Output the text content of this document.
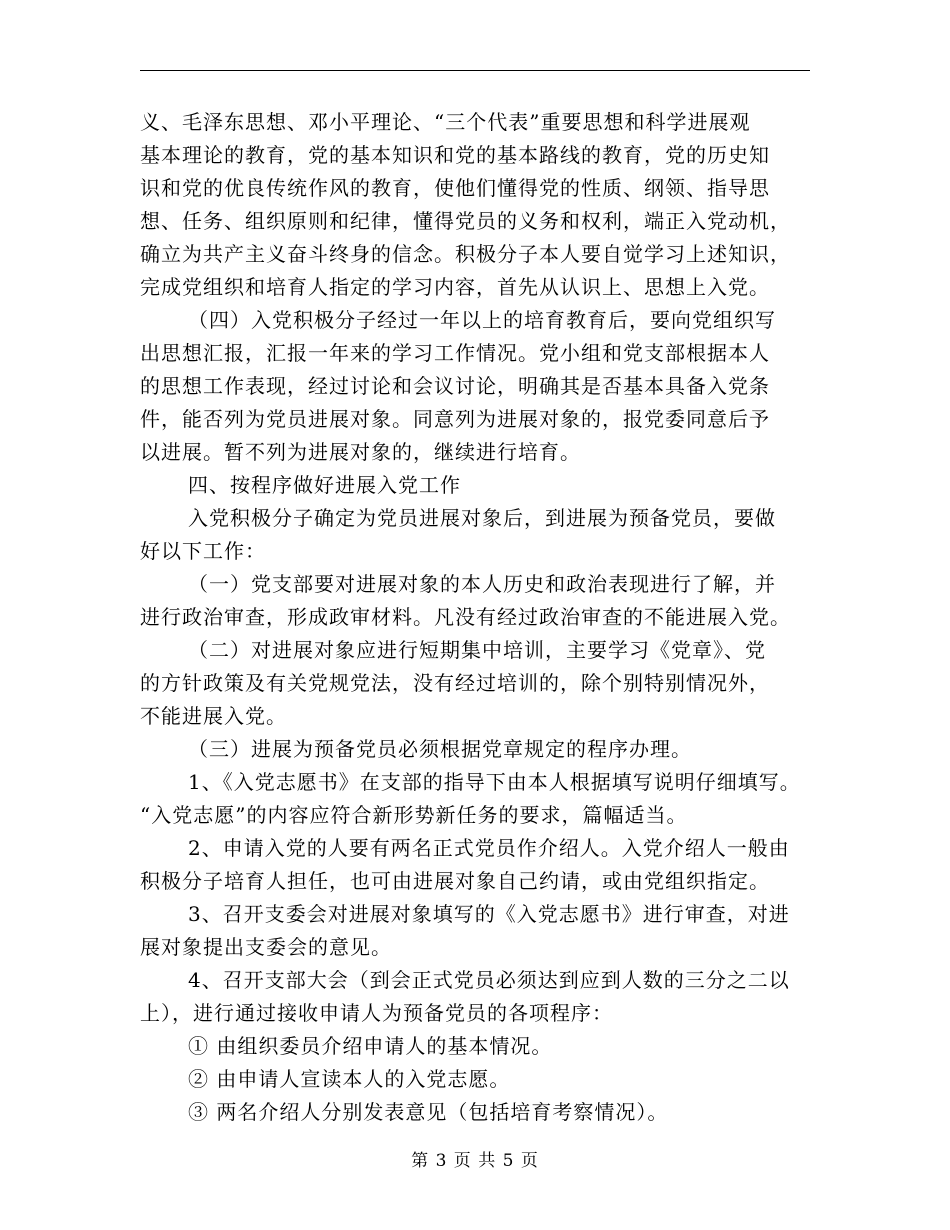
义、毛泽东思想、邓小平理论、“三个代表”重要思想和科学进展观
基本理论的教育，党的基本知识和党的基本路线的教育，党的历史知
识和党的优良传统作风的教育，使他们懂得党的性质、纲领、指导思
想、任务、组织原则和纪律，懂得党员的义务和权利，端正入党动机，
确立为共产主义奋斗终身的信念。积极分子本人要自觉学习上述知识，
完成党组织和培育人指定的学习内容，首先从认识上、思想上入党。
（四）入党积极分子经过一年以上的培育教育后，要向党组织写
出思想汇报，汇报一年来的学习工作情况。党小组和党支部根据本人
的思想工作表现，经过讨论和会议讨论，明确其是否基本具备入党条
件，能否列为党员进展对象。同意列为进展对象的，报党委同意后予
以进展。暂不列为进展对象的，继续进行培育。
四、按程序做好进展入党工作
入党积极分子确定为党员进展对象后，到进展为预备党员，要做
好以下工作：
（一）党支部要对进展对象的本人历史和政治表现进行了解，并
进行政治审查，形成政审材料。凡没有经过政治审查的不能进展入党。
（二）对进展对象应进行短期集中培训，主要学习《党章》、党
的方针政策及有关党规党法，没有经过培训的，除个别特别情况外，
不能进展入党。
（三）进展为预备党员必须根据党章规定的程序办理。
1、《入党志愿书》在支部的指导下由本人根据填写说明仔细填写。
“入党志愿”的内容应符合新形势新任务的要求，篇幅适当。
2、申请入党的人要有两名正式党员作介绍人。入党介绍人一般由
积极分子培育人担任，也可由进展对象自己约请，或由党组织指定。
3、召开支委会对进展对象填写的《入党志愿书》进行审查，对进
展对象提出支委会的意见。
4、召开支部大会（到会正式党员必须达到应到人数的三分之二以
上），进行通过接收申请人为预备党员的各项程序：
① 由组织委员介绍申请人的基本情况。
② 由申请人宣读本人的入党志愿。
③ 两名介绍人分别发表意见（包括培育考察情况）。
第 3 页 共 5 页
